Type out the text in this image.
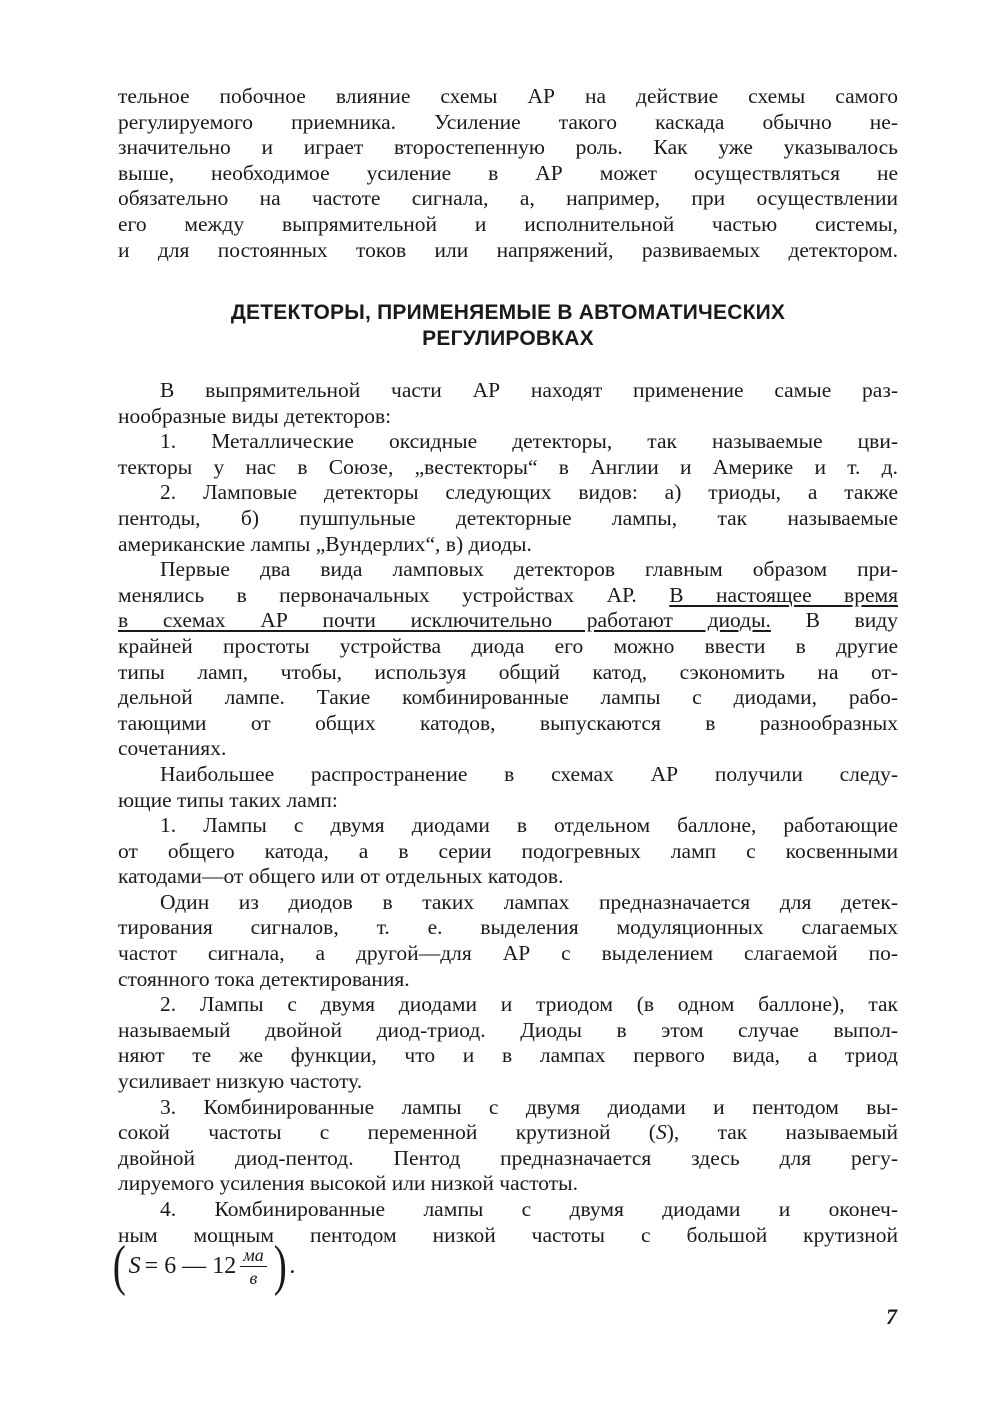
тельное побочное влияние схемы АР на действие схемы самого
регулируемого приемника. Усиление такого каскада обычно не-
значительно и играет второстепенную роль. Как уже указывалось
выше, необходимое усиление в АР может осуществляться не
обязательно на частоте сигнала, а, например, при осуществлении
его между выпрямительной и исполнительной частью системы,
и для постоянных токов или напряжений, развиваемых детектором.
ДЕТЕКТОРЫ, ПРИМЕНЯЕМЫЕ В АВТОМАТИЧЕСКИХ
РЕГУЛИРОВКАХ
В выпрямительной части АР находят применение самые раз-
нообразные виды детекторов:
1. Металлические оксидные детекторы, так называемые цви-
текторы у нас в Союзе, „вестекторы“ в Англии и Америке и т. д.
2. Ламповые детекторы следующих видов: а) триоды, а также
пентоды, б) пушпульные детекторные лампы, так называемые
американские лампы „Вундерлих“, в) диоды.
Первые два вида ламповых детекторов главным образом при-
менялись в первоначальных устройствах АР. В настоящее время
в схемах АР почти исключительно работают диоды. В виду
крайней простоты устройства диода его можно ввести в другие
типы ламп, чтобы, используя общий катод, сэкономить на от-
дельной лампе. Такие комбинированные лампы с диодами, рабо-
тающими от общих катодов, выпускаются в разнообразных
сочетаниях.
Наибольшее распространение в схемах АР получили следу-
ющие типы таких ламп:
1. Лампы с двумя диодами в отдельном баллоне, работающие
от общего катода, а в серии подогревных ламп с косвенными
катодами—от общего или от отдельных катодов.
Один из диодов в таких лампах предназначается для детек-
тирования сигналов, т. е. выделения модуляционных слагаемых
частот сигнала, а другой—для АР с выделением слагаемой по-
стоянного тока детектирования.
2. Лампы с двумя диодами и триодом (в одном баллоне), так
называемый двойной диод-триод. Диоды в этом случае выпол-
няют те же функции, что и в лампах первого вида, а триод
усиливает низкую частоту.
3. Комбинированные лампы с двумя диодами и пентодом вы-
сокой частоты с переменной крутизной (S), так называемый
двойной диод-пентод. Пентод предназначается здесь для регу-
лируемого усиления высокой или низкой частоты.
4. Комбинированные лампы с двумя диодами и оконеч-
ным мощным пентодом низкой частоты с большой крутизной
( S = 6 — $12 \frac{ма}{в}$ ) .
7
